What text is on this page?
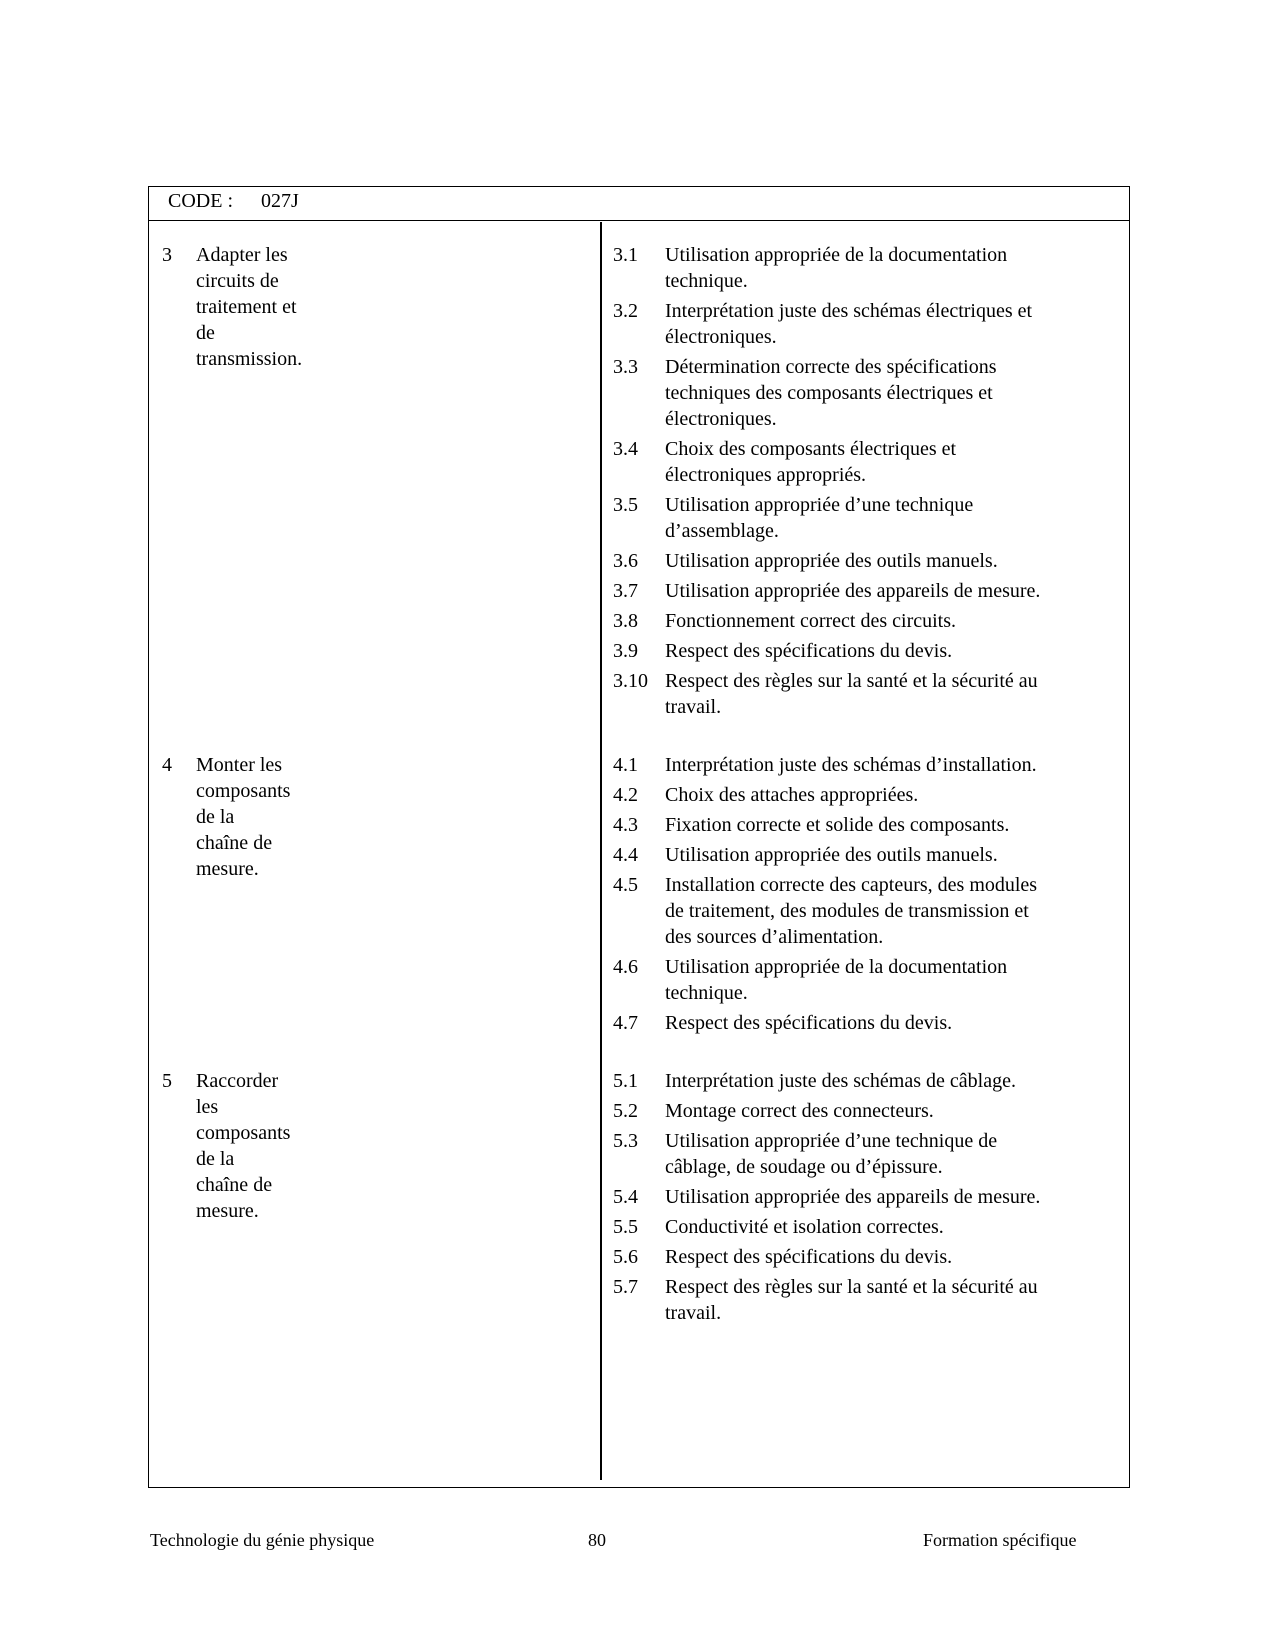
CODE : 027J
3 Adapter les circuits de traitement et de
transmission.
4 Monter les composants de la chaîne de
mesure.
5 Raccorder les composants de la chaîne de
mesure.
3.1 Utilisation appropriée de la documentation
technique.
3.2 Interprétation juste des schémas électriques et
électroniques.
3.3 Détermination correcte des spécifications
techniques des composants électriques et
électroniques.
3.4 Choix des composants électriques et
électroniques appropriés.
3.5 Utilisation appropriée d’une technique
d’assemblage.
3.6 Utilisation appropriée des outils manuels.
3.7 Utilisation appropriée des appareils de mesure.
3.8 Fonctionnement correct des circuits.
3.9 Respect des spécifications du devis.
3.10 Respect des règles sur la santé et la sécurité au
travail.
4.1 Interprétation juste des schémas d’installation.
4.2 Choix des attaches appropriées.
4.3 Fixation correcte et solide des composants.
4.4 Utilisation appropriée des outils manuels.
4.5 Installation correcte des capteurs, des modules
de traitement, des modules de transmission et
des sources d’alimentation.
4.6 Utilisation appropriée de la documentation
technique.
4.7 Respect des spécifications du devis.
5.1 Interprétation juste des schémas de câblage.
5.2 Montage correct des connecteurs.
5.3 Utilisation appropriée d’une technique de
câblage, de soudage ou d’épissure.
5.4 Utilisation appropriée des appareils de mesure.
5.5 Conductivité et isolation correctes.
5.6 Respect des spécifications du devis.
5.7 Respect des règles sur la santé et la sécurité au
travail.
Technologie du génie physique	80	Formation spécifique
